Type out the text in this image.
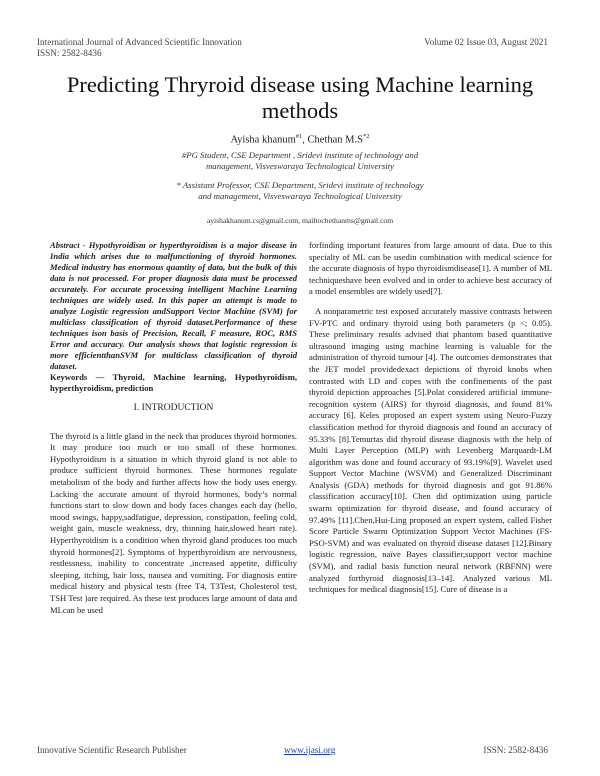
International Journal of Advanced Scientific Innovation
ISSN: 2582-8436
Volume 02 Issue 03, August 2021
Predicting Thryroid disease using Machine learning methods
Ayisha khanum$^{\#1}$, Chethan $M.S^{*2}$
#PG Student, CSE Department , Sridevi institute of technology and management, Visveswaraya Technological University
* Assistant Professor, CSE Department, Sridevi institute of technology and management, Visveswaraya Technological University
ayishakhanum.cs@gmail.com, mailtochethanms@gmail.com

Abstract - Hypothyroidism or hyperthyroidism is a major disease in India which arises due to malfunctioning of thyroid hormones. Medical industry has enormous quantity of data, but the bulk of this data is not processed. For proper diagnosis data must be processed accurately. For accurate processing intelligent Machine Learning techniques are widely used. In this paper an attempt is made to analyze Logistic regression andSupport Vector Machine (SVM) for multiclass classification of thyroid dataset.Performance of these techniques ison basis of Precision, Recall, F measure, ROC, RMS Error and accuracy. Our analysis shows that logistic regression is more efficientthanSVM for multiclass classification of thyroid dataset.

Keywords — Thyroid, Machine learning, Hypothyroidism, hyperthyroidism, prediction

I. INTRODUCTION

The thyroid is a little gland in the neck that produces thyroid hormones. It may produce too much or too small of these hormones. Hypothyroidism is a situation in which thyroid gland is not able to produce sufficient thyroid hormones. These hormones regulate metabolism of the body and further affects how the body uses energy. Lacking the accurate amount of thyroid hormones, body’s normal functions start to slow down and body faces changes each day (hello, mood swings, happy,sadfatigue, depression, constipation, feeling cold, weight gain, muscle weakness, dry, thinning hair,slowed heart rate). Hyperthyroidism is a condition when thyroid gland produces too much thyroid hormones[2]. Symptoms of hyperthyroidism are nervousness, restlessness, inability to concentrate ,increased appetite, difficulty sleeping, itching, hair loss, nausea and vomiting. For diagnosis entire medical history and physical tests (free T4, T3Test, Cholesterol test, TSH Test )are required. As these test produces large amount of data and MLcan be used

forfinding important features from large amount of data. Due to this specialty of ML can be usedin combination with medical science for the accurate diagnosis of hypo thyroidismdisease[1]. A number of ML techniqueshave been evolved and in order to achieve best accuracy of a model ensembles are widely used[7].

A nonparametric test exposed accurately massive contrasts between FV-PTC and ordinary thyroid using both parameters (p <; 0.05). These preliminary results advised that phantom based quantitative ultrasound imaging using machine learning is valuable for the administration of thyroid tumour [4]. The outcomes demonstrates that the JET model providedexact depictions of thyroid knobs when contrasted with LD and copes with the confinements of the past thyroid depiction approaches [5].Polat considered artificial immune- recognition system (AIRS) for thyroid diagnosis, and found 81% accuracy [6]. Keles proposed an expert system using Neuro-Fuzzy classification method for thyroid diagnosis and found an accuracy of 95.33% [8].Temurtas did thyroid disease diagnosis with the help of Multi Layer Perception (MLP) with Levenberg Marquardt-LM algorithm was done and found accuracy of 93.19%[9]. Wavelet used Support Vector Machine (WSVM) and Generalized Discriminant Analysis (GDA) methods for thyroid diagnosis and got 91.86% classification accuracy[10]. Chen did optimization using particle swarm optimization for thyroid disease, and found accuracy of 97.49% [11].Chen,Hui-Ling proposed an expert system, called Fisher Score Particle Swarm Optimization Support Vector Machines (FS-PSO-SVM) and was evaluated on thyroid disease dataset [12].Binary logistic regression, naïve Bayes classifier,support vector machine (SVM), and radial basis function neural network (RBFNN) were analyzed forthyroid diagnosis[13–14]. Analyzed various ML techniques for medical diagnosis[15]. Cure of disease is a

Innovative Scientific Research Publisher	www.ijasi.org	ISSN: 2582-8436
